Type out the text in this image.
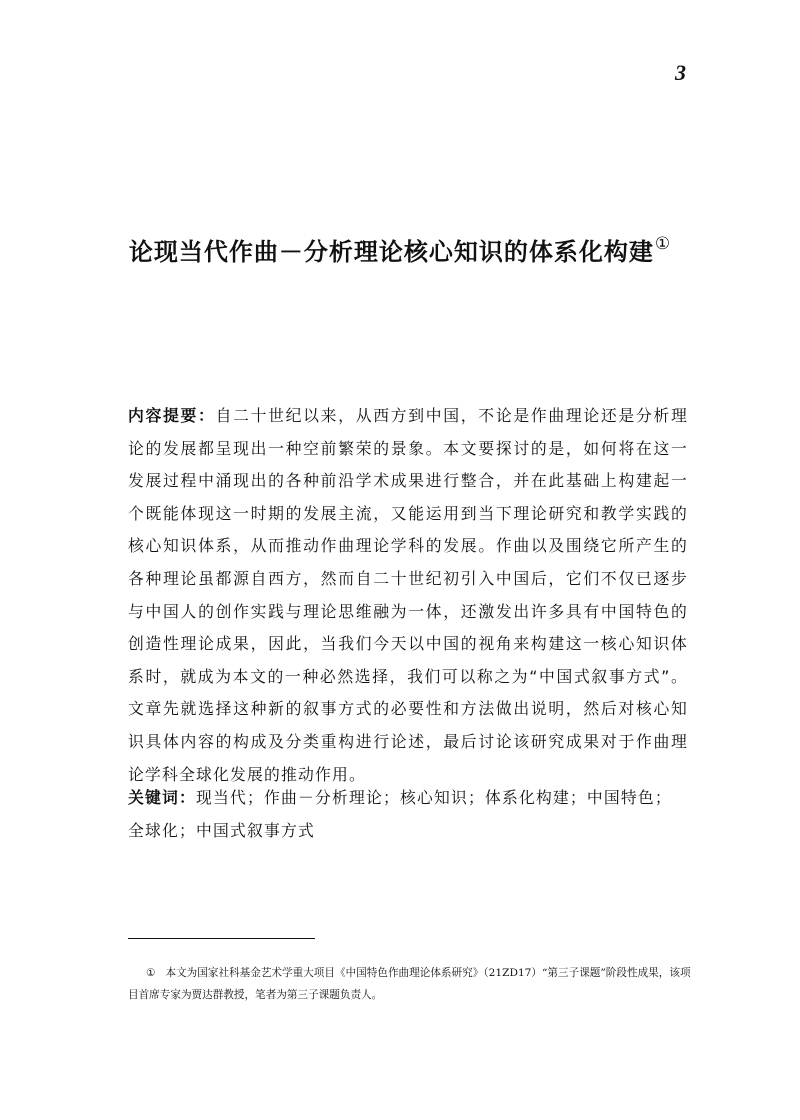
3
论现当代作曲－分析理论核心知识的体系化构建①
内容提要：自二十世纪以来，从西方到中国，不论是作曲理论还是分析理论的发展都呈现出一种空前繁荣的景象。本文要探讨的是，如何将在这一发展过程中涌现出的各种前沿学术成果进行整合，并在此基础上构建起一个既能体现这一时期的发展主流，又能运用到当下理论研究和教学实践的核心知识体系，从而推动作曲理论学科的发展。作曲以及围绕它所产生的各种理论虽都源自西方，然而自二十世纪初引入中国后，它们不仅已逐步与中国人的创作实践与理论思维融为一体，还激发出许多具有中国特色的创造性理论成果，因此，当我们今天以中国的视角来构建这一核心知识体系时，就成为本文的一种必然选择，我们可以称之为“中国式叙事方式”。文章先就选择这种新的叙事方式的必要性和方法做出说明，然后对核心知识具体内容的构成及分类重构进行论述，最后讨论该研究成果对于作曲理论学科全球化发展的推动作用。
关键词：现当代；作曲－分析理论；核心知识；体系化构建；中国特色；全球化；中国式叙事方式
① 本文为国家社科基金艺术学重大项目《中国特色作曲理论体系研究》（21ZD17）“第三子课题”阶段性成果，该项目首席专家为贾达群教授，笔者为第三子课题负责人。
